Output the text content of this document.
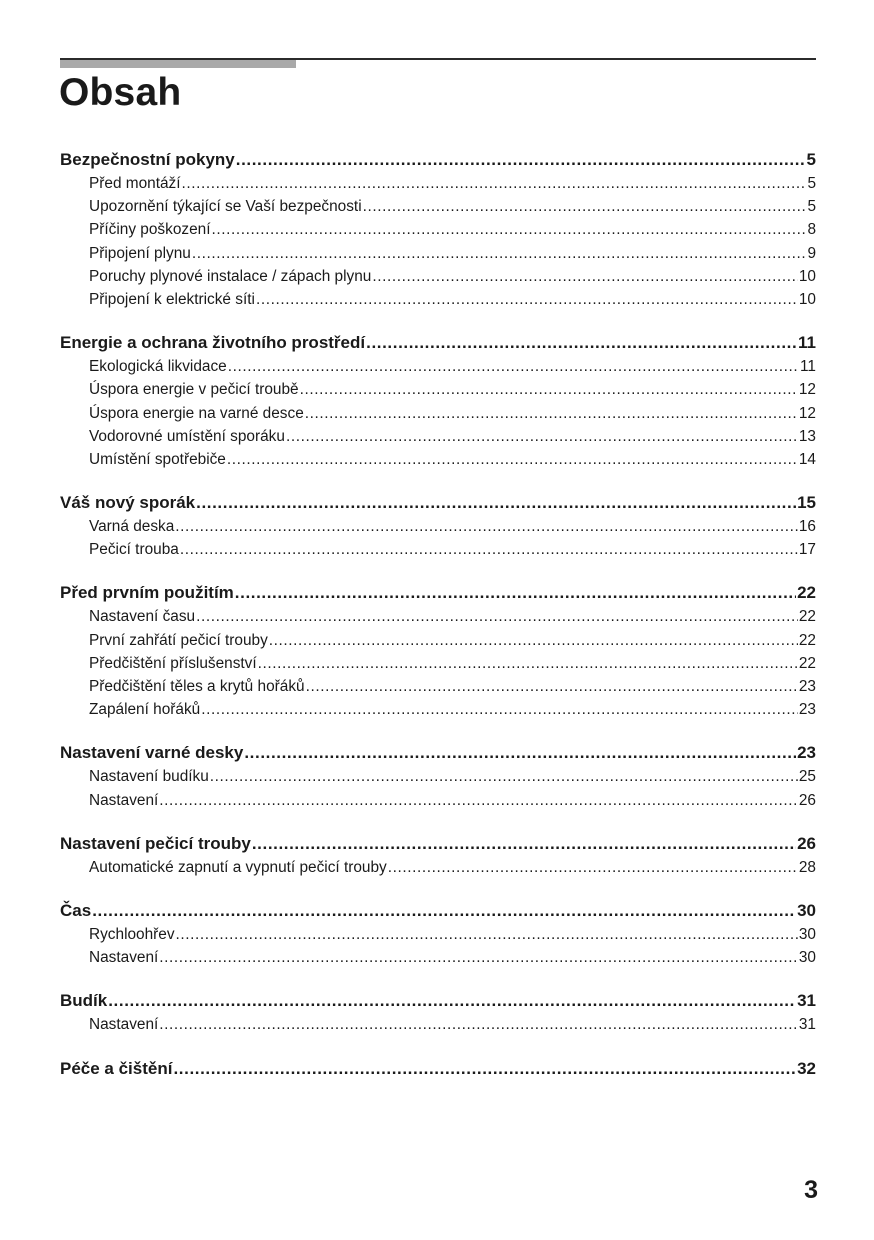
Obsah
Bezpečnostní pokyny .....	5
Před montáží .....	5
Upozornění týkající se Vaší bezpečnosti .....	5
Příčiny poškození .....	8
Připojení plynu .....	9
Poruchy plynové instalace / zápach plynu .....	10
Připojení k elektrické síti .....	10
Energie a ochrana životního prostředí .....	11
Ekologická likvidace .....	11
Úspora energie v pečicí troubě .....	12
Úspora energie na varné desce .....	12
Vodorovné umístění sporáku .....	13
Umístění spotřebiče .....	14
Váš nový sporák .....	15
Varná deska .....	16
Pečicí trouba .....	17
Před prvním použitím .....	22
Nastavení času .....	22
První zahřátí pečicí trouby .....	22
Předčištění příslušenství .....	22
Předčištění těles a krytů hořáků .....	23
Zapálení hořáků .....	23
Nastavení varné desky .....	23
Nastavení budíku .....	25
Nastavení .....	26
Nastavení pečicí trouby .....	26
Automatické zapnutí a vypnutí pečicí trouby .....	28
Čas .....	30
Rychloohřev .....	30
Nastavení .....	30
Budík .....	31
Nastavení .....	31
Péče a čištění .....	32

3
